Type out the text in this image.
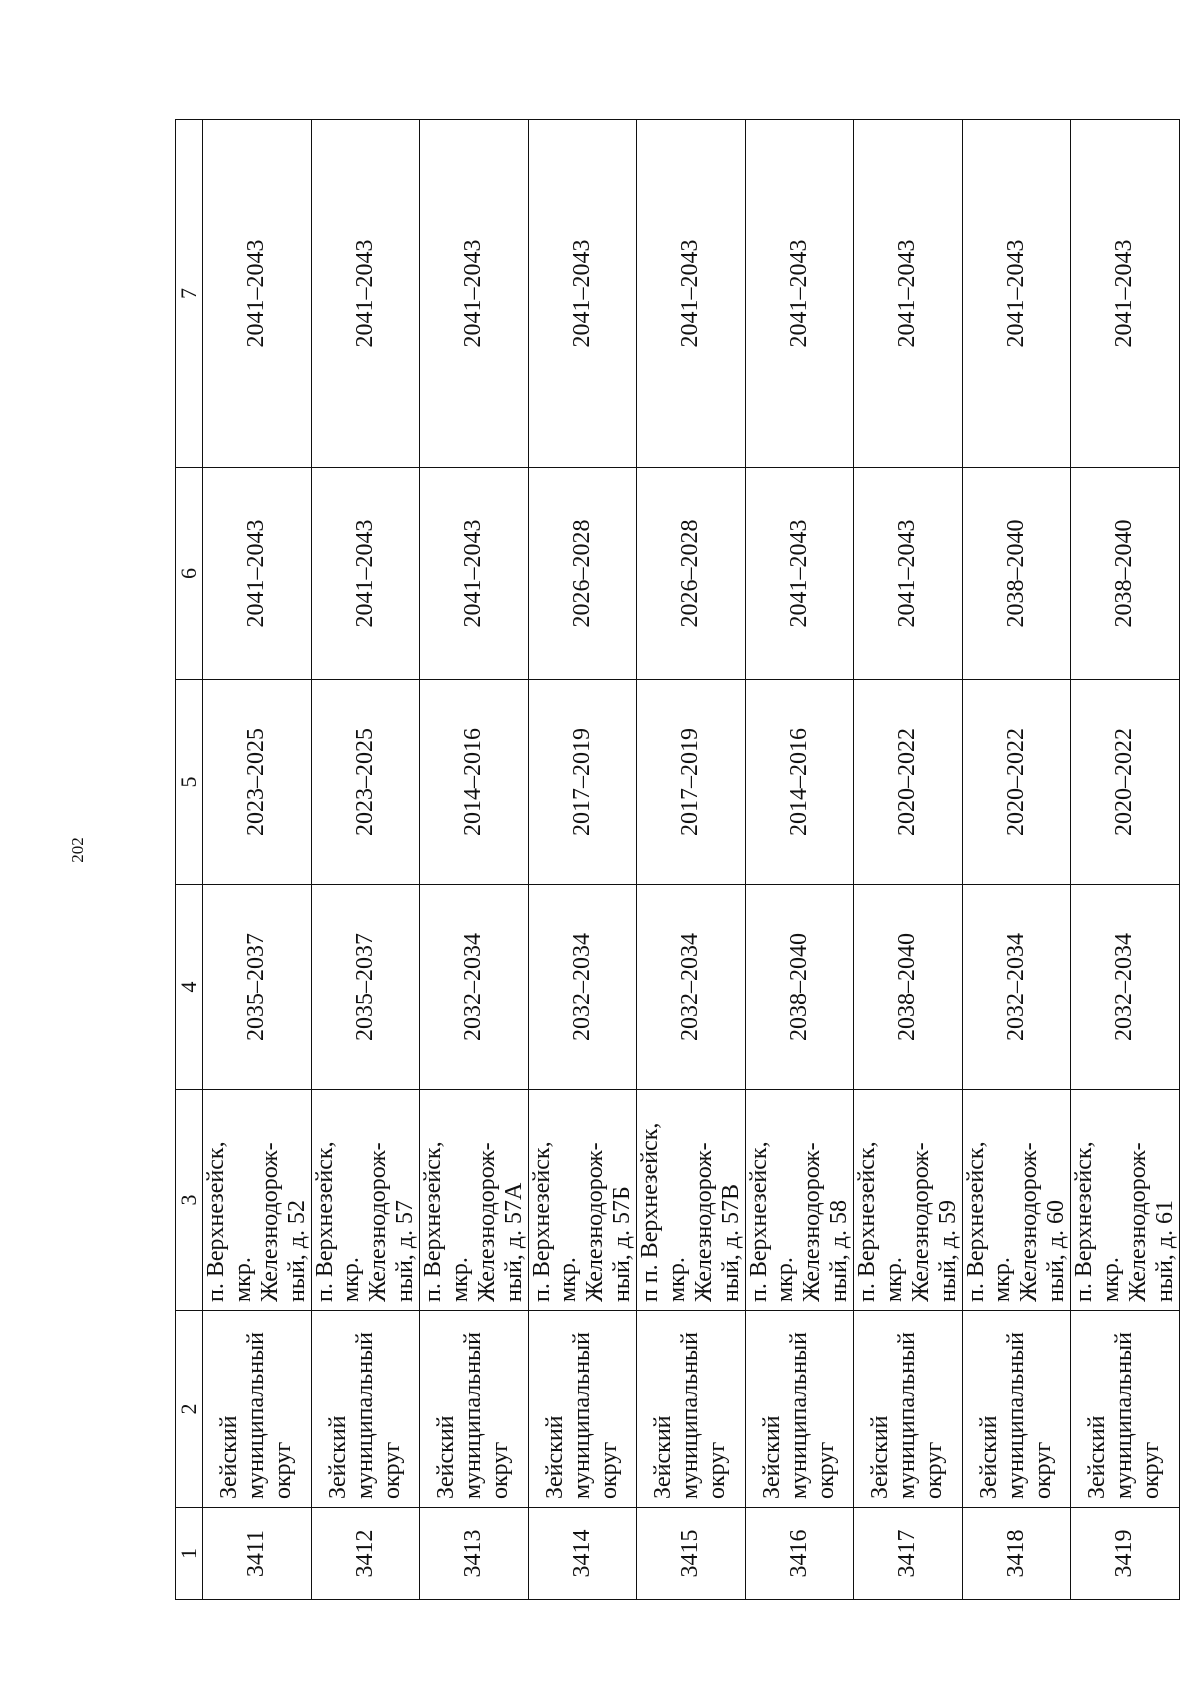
202
1	2	3	4	5	6	7
3411	Зейский муниципальный округ	п. Верхнезейск, мкр. Железнодорож-ный, д. 52	2035–2037	2023–2025	2041–2043	2041–2043
3412	Зейский муниципальный округ	п. Верхнезейск, мкр. Железнодорож-ный, д. 57	2035–2037	2023–2025	2041–2043	2041–2043
3413	Зейский муниципальный округ	п. Верхнезейск, мкр. Железнодорож-ный, д. 57А	2032–2034	2014–2016	2041–2043	2041–2043
3414	Зейский муниципальный округ	п. Верхнезейск, мкр. Железнодорож-ный, д. 57Б	2032–2034	2017–2019	2026–2028	2041–2043
3415	Зейский муниципальный округ	п п. Верхнезейск, мкр. Железнодорож-ный, д. 57В	2032–2034	2017–2019	2026–2028	2041–2043
3416	Зейский муниципальный округ	п. Верхнезейск, мкр. Железнодорож-ный, д. 58	2038–2040	2014–2016	2041–2043	2041–2043
3417	Зейский муниципальный округ	п. Верхнезейск, мкр. Железнодорож-ный, д. 59	2038–2040	2020–2022	2041–2043	2041–2043
3418	Зейский муниципальный округ	п. Верхнезейск, мкр. Железнодорож-ный, д. 60	2032–2034	2020–2022	2038–2040	2041–2043
3419	Зейский муниципальный округ	п. Верхнезейск, мкр. Железнодорож-ный, д. 61	2032–2034	2020–2022	2038–2040	2041–2043
